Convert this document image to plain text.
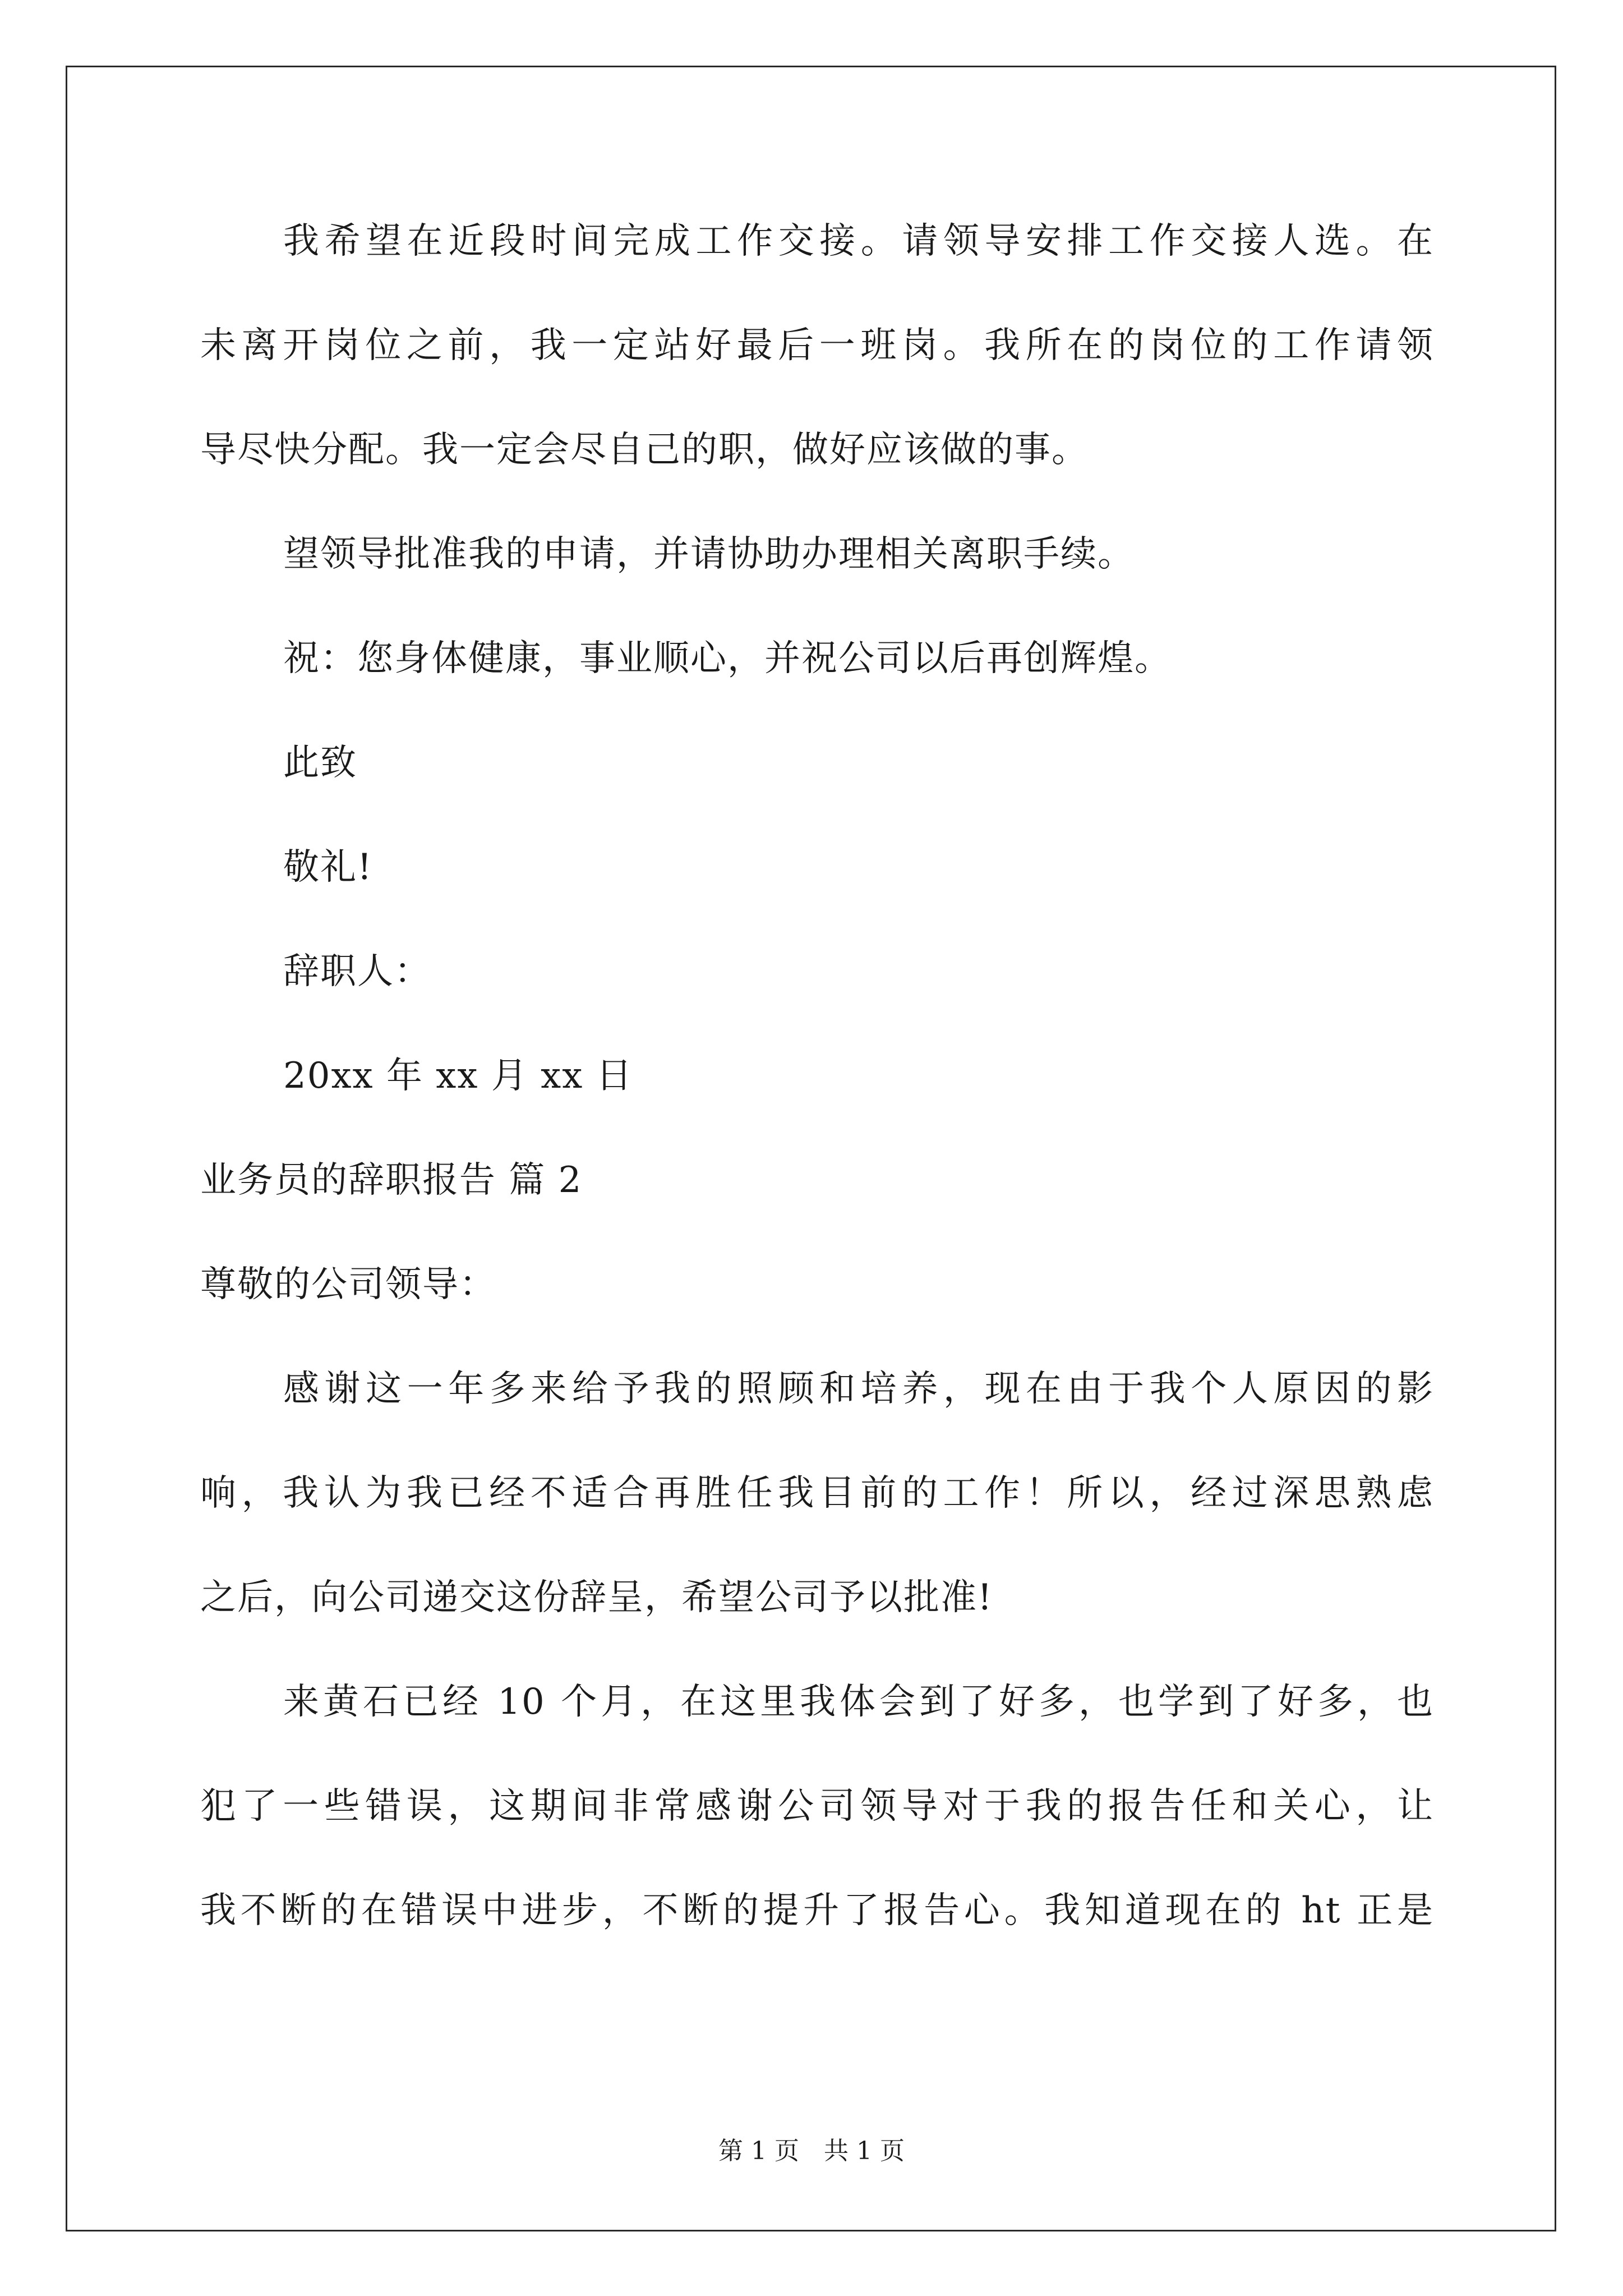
我希望在近段时间完成工作交接。请领导安排工作交接人选。在
未离开岗位之前，我一定站好最后一班岗。我所在的岗位的工作请领
导尽快分配。我一定会尽自己的职，做好应该做的事。
望领导批准我的申请，并请协助办理相关离职手续。
祝：您身体健康，事业顺心，并祝公司以后再创辉煌。
此致
敬礼!
辞职人：
20xx 年 xx 月 xx 日
业务员的辞职报告 篇 2
尊敬的公司领导：
感谢这一年多来给予我的照顾和培养，现在由于我个人原因的影
响，我认为我已经不适合再胜任我目前的工作！所以，经过深思熟虑
之后，向公司递交这份辞呈，希望公司予以批准!
来黄石已经 10 个月，在这里我体会到了好多，也学到了好多，也
犯了一些错误，这期间非常感谢公司领导对于我的报告任和关心，让
我不断的在错误中进步，不断的提升了报告心。我知道现在的 ht 正是
第 1 页　共 1 页
